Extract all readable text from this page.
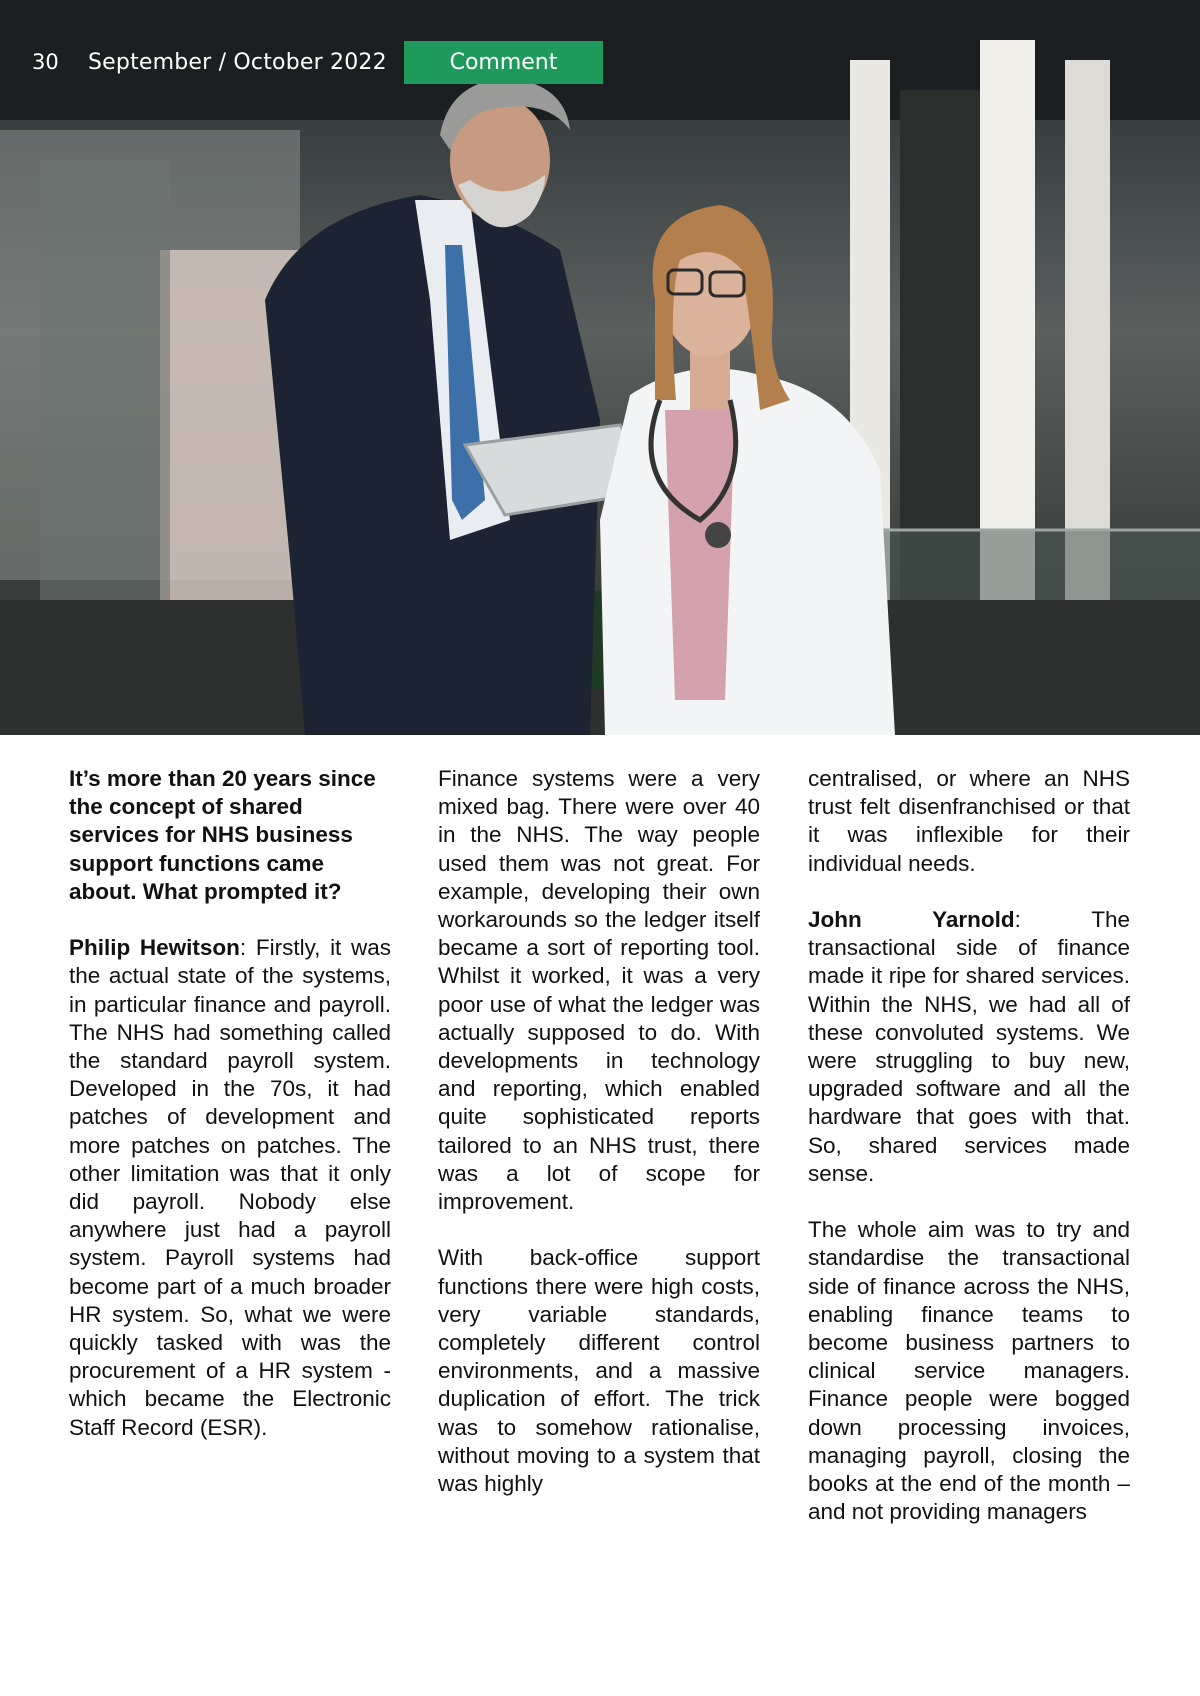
30 September / October 2022	Comment

It’s more than 20 years since the concept of shared services for NHS business support functions came about. What prompted it?

Philip Hewitson: Firstly, it was the actual state of the systems, in particular finance and payroll. The NHS had something called the standard payroll system. Developed in the 70s, it had patches of development and more patches on patches. The other limitation was that it only did payroll. Nobody else anywhere just had a payroll system. Payroll systems had become part of a much broader HR system. So, what we were quickly tasked with was the procurement of a HR system - which became the Electronic Staff Record (ESR).

Finance systems were a very mixed bag. There were over 40 in the NHS. The way people used them was not great. For example, developing their own workarounds so the ledger itself became a sort of reporting tool. Whilst it worked, it was a very poor use of what the ledger was actually supposed to do. With developments in technology and reporting, which enabled quite sophisticated reports tailored to an NHS trust, there was a lot of scope for improvement.

With back-office support functions there were high costs, very variable standards, completely different control environments, and a massive duplication of effort. The trick was to somehow rationalise, without moving to a system that was highly

centralised, or where an NHS trust felt disenfranchised or that it was inflexible for their individual needs.

John Yarnold: The transactional side of finance made it ripe for shared services. Within the NHS, we had all of these convoluted systems. We were struggling to buy new, upgraded software and all the hardware that goes with that. So, shared services made sense.

The whole aim was to try and standardise the transactional side of finance across the NHS, enabling finance teams to become business partners to clinical service managers. Finance people were bogged down processing invoices, managing payroll, closing the books at the end of the month – and not providing managers
